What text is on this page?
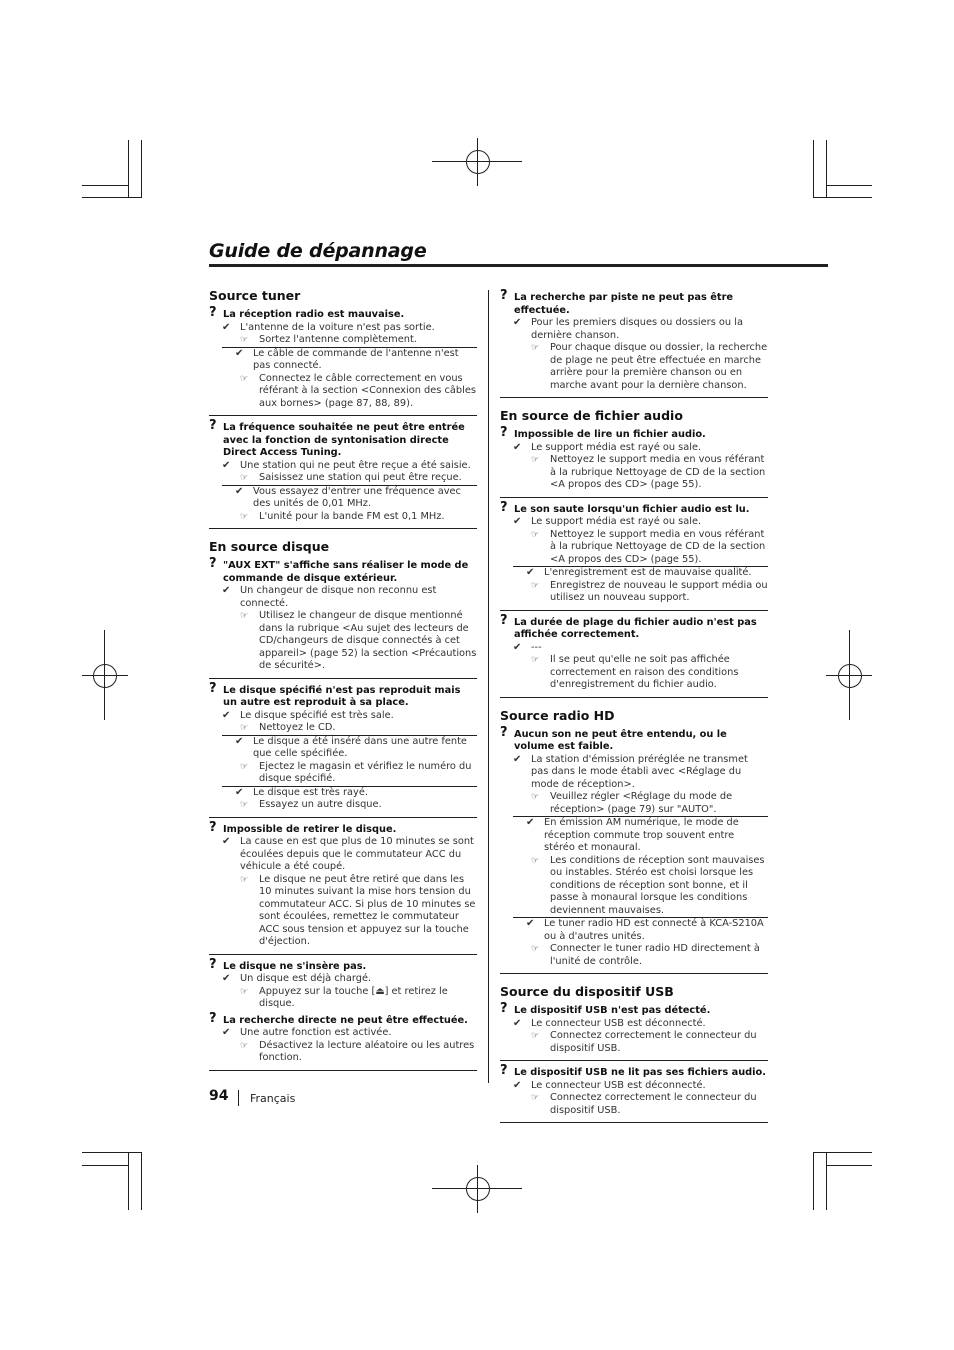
Guide de dépannage
Source tuner
? La réception radio est mauvaise.
✔ L'antenne de la voiture n'est pas sortie.
☞ Sortez l'antenne complètement.
✔ Le câble de commande de l'antenne n'est pas connecté.
☞ Connectez le câble correctement en vous référant à la section <Connexion des câbles aux bornes> (page 87, 88, 89).
? La fréquence souhaitée ne peut être entrée avec la fonction de syntonisation directe Direct Access Tuning.
✔ Une station qui ne peut être reçue a été saisie.
☞ Saisissez une station qui peut être reçue.
✔ Vous essayez d'entrer une fréquence avec des unités de 0,01 MHz.
☞ L'unité pour la bande FM est 0,1 MHz.
En source disque
? "AUX EXT" s'affiche sans réaliser le mode de commande de disque extérieur.
✔ Un changeur de disque non reconnu est connecté.
☞ Utilisez le changeur de disque mentionné dans la rubrique <Au sujet des lecteurs de CD/changeurs de disque connectés à cet appareil> (page 52) la section <Précautions de sécurité>.
? Le disque spécifié n'est pas reproduit mais un autre est reproduit à sa place.
✔ Le disque spécifié est très sale.
☞ Nettoyez le CD.
✔ Le disque a été inséré dans une autre fente que celle spécifiée.
☞ Ejectez le magasin et vérifiez le numéro du disque spécifié.
✔ Le disque est très rayé.
☞ Essayez un autre disque.
? Impossible de retirer le disque.
✔ La cause en est que plus de 10 minutes se sont écoulées depuis que le commutateur ACC du véhicule a été coupé.
☞ Le disque ne peut être retiré que dans les 10 minutes suivant la mise hors tension du commutateur ACC. Si plus de 10 minutes se sont écoulées, remettez le commutateur ACC sous tension et appuyez sur la touche d'éjection.
? Le disque ne s'insère pas.
✔ Un disque est déjà chargé.
☞ Appuyez sur la touche [⏏] et retirez le disque.
? La recherche directe ne peut être effectuée.
✔ Une autre fonction est activée.
☞ Désactivez la lecture aléatoire ou les autres fonction.
? La recherche par piste ne peut pas être effectuée.
✔ Pour les premiers disques ou dossiers ou la dernière chanson.
☞ Pour chaque disque ou dossier, la recherche de plage ne peut être effectuée en marche arrière pour la première chanson ou en marche avant pour la dernière chanson.
En source de fichier audio
? Impossible de lire un fichier audio.
✔ Le support média est rayé ou sale.
☞ Nettoyez le support media en vous référant à la rubrique Nettoyage de CD de la section <A propos des CD> (page 55).
? Le son saute lorsqu'un fichier audio est lu.
✔ Le support média est rayé ou sale.
☞ Nettoyez le support media en vous référant à la rubrique Nettoyage de CD de la section <A propos des CD> (page 55).
✔ L'enregistrement est de mauvaise qualité.
☞ Enregistrez de nouveau le support média ou utilisez un nouveau support.
? La durée de plage du fichier audio n'est pas affichée correctement.
✔ ---
☞ Il se peut qu'elle ne soit pas affichée correctement en raison des conditions d'enregistrement du fichier audio.
Source radio HD
? Aucun son ne peut être entendu, ou le volume est faible.
✔ La station d'émission préréglée ne transmet pas dans le mode établi avec <Réglage du mode de réception>.
☞ Veuillez régler <Réglage du mode de réception> (page 79) sur "AUTO".
✔ En émission AM numérique, le mode de réception commute trop souvent entre stéréo et monaural.
☞ Les conditions de réception sont mauvaises ou instables. Stéréo est choisi lorsque les conditions de réception sont bonne, et il passe à monaural lorsque les conditions deviennent mauvaises.
✔ Le tuner radio HD est connecté à KCA-S210A ou à d'autres unités.
☞ Connecter le tuner radio HD directement à l'unité de contrôle.
Source du dispositif USB
? Le dispositif USB n'est pas détecté.
✔ Le connecteur USB est déconnecté.
☞ Connectez correctement le connecteur du dispositif USB.
? Le dispositif USB ne lit pas ses fichiers audio.
✔ Le connecteur USB est déconnecté.
☞ Connectez correctement le connecteur du dispositif USB.
94 Français
